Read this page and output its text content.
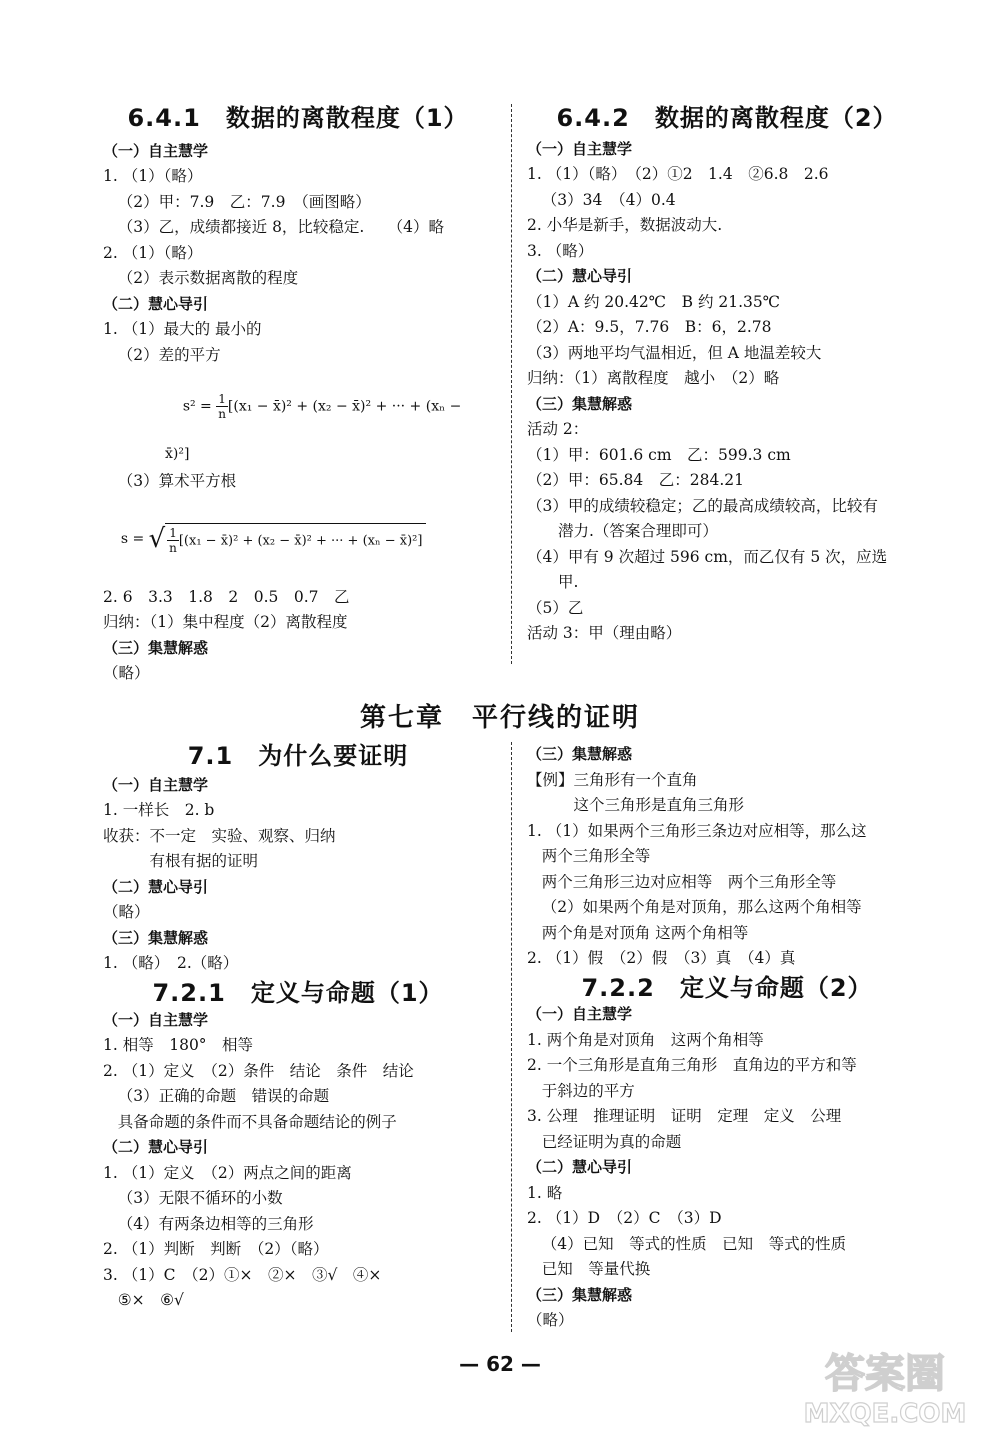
6.4.1　数据的离散程度（1）
（一）自主慧学
1. （1）（略）
（2）甲：7.9　乙：7.9　（画图略）
（3）乙，成绩都接近 8，比较稳定.　　（4）略
2. （1）（略）
（2）表示数据离散的程度
（二）慧心导引
1. （1）最大的 最小的
（2）差的平方

$s^2 = \frac{1}{n} [(x_1$ − x̄)² + (x₂ − x̄)² + ··· + (xₙ −

x̄)²]
（3）算术平方根

s = √ $\frac{1}{n} [(x_1$ − x̄)² + (x₂ − x̄)² + ··· + (xₙ − x̄)²]

2. 6　3.3　1.8　2　0.5　0.7　乙
归纳：（1）集中程度（2）离散程度
（三）集慧解惑
（略）
6.4.2　数据的离散程度（2）
（一）自主慧学
1. （1）（略）　（2）①2　1.4　②6.8　2.6
（3）34　（4）0.4
2. 小华是新手，数据波动大.
3. （略）
（二）慧心导引
（1）A 约 20.42℃　B 约 21.35℃
（2）A：9.5，7.76　B：6，2.78
（3）两地平均气温相近，但 A 地温差较大
归纳：（1）离散程度　越小　（2）略
（三）集慧解惑
活动 2：
（1）甲：601.6 cm　乙：599.3 cm
（2）甲：65.84　乙：284.21
（3）甲的成绩较稳定；乙的最高成绩较高，比较有
　　潜力.（答案合理即可）
（4）甲有 9 次超过 596 cm，而乙仅有 5 次，应选
　　甲.
（5）乙
活动 3：甲（理由略）
第七章　平行线的证明
7.1　为什么要证明
（一）自主慧学
1. 一样长　2. b
收获：不一定　实验、观察、归纳
　　　有根有据的证明
（二）慧心导引
（略）
（三）集慧解惑
1. （略）　2.（略）
7.2.1　定义与命题（1）
（一）自主慧学
1. 相等　180°　相等
2. （1）定义　（2）条件　结论　条件　结论
（3）正确的命题　错误的命题
具备命题的条件而不具备命题结论的例子
（二）慧心导引
1. （1）定义　（2）两点之间的距离
（3）无限不循环的小数
（4）有两条边相等的三角形
2. （1）判断　判断　（2）（略）
3. （1）C　（2）①×　②×　③√　④×
⑤×　⑥√
（三）集慧解惑
【例】三角形有一个直角
　　　这个三角形是直角三角形
1. （1）如果两个三角形三条边对应相等，那么这
两个三角形全等
两个三角形三边对应相等　两个三角形全等
（2）如果两个角是对顶角，那么这两个角相等
两个角是对顶角 这两个角相等
2. （1）假　（2）假　（3）真　（4）真
7.2.2　定义与命题（2）
（一）自主慧学
1. 两个角是对顶角　这两个角相等
2. 一个三角形是直角三角形　直角边的平方和等
于斜边的平方
3. 公理　推理证明　证明　定理　定义　公理
已经证明为真的命题
（二）慧心导引
1. 略
2. （1）D　（2）C　（3）D
（4）已知　等式的性质　已知　等式的性质
已知　等量代换
（三）集慧解惑
（略）
— 62 —	答案圈
MXQE.COM
